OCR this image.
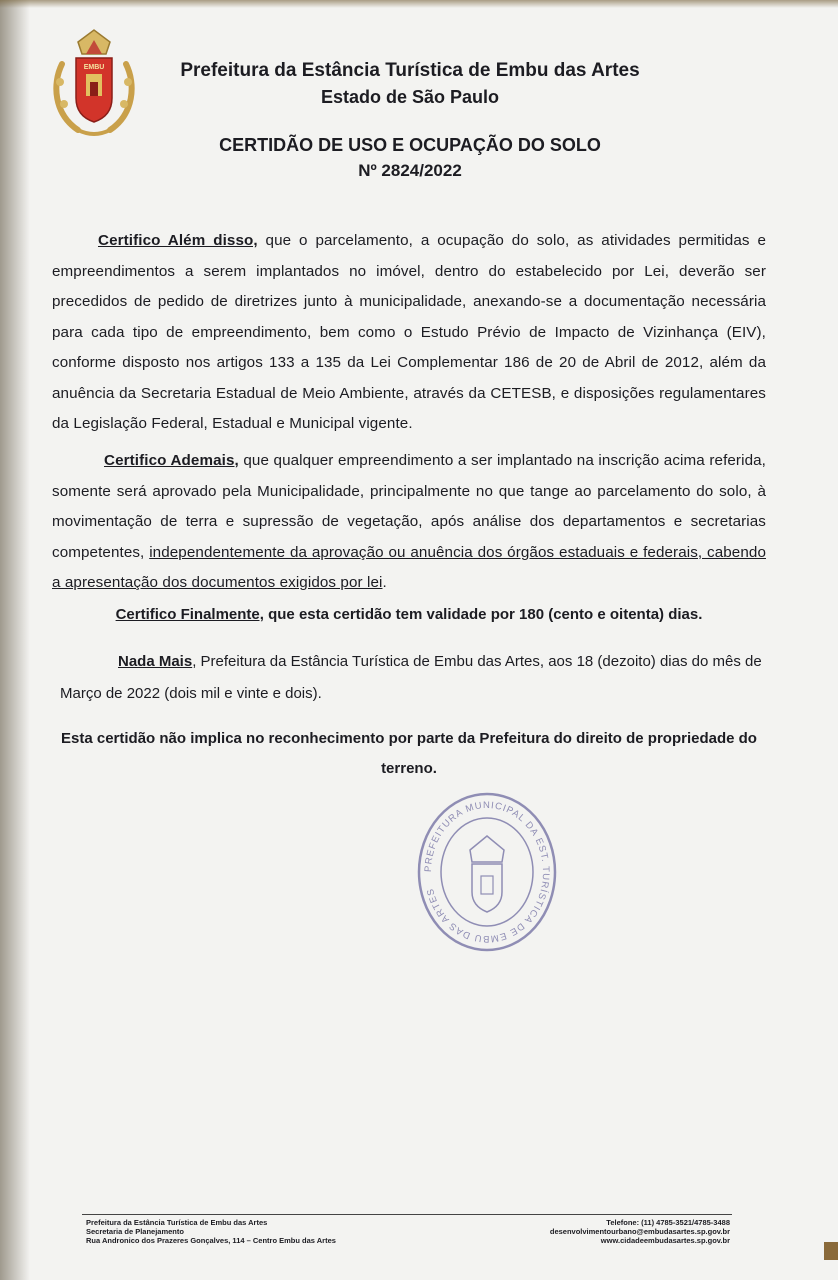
EMBU	Prefeitura da Estância Turística de Embu das Artes
Estado de São Paulo
CERTIDÃO DE USO E OCUPAÇÃO DO SOLO
Nº 2824/2022
Certifico Além disso, que o parcelamento, a ocupação do solo, as atividades permitidas e empreendimentos a serem implantados no imóvel, dentro do estabelecido por Lei, deverão ser precedidos de pedido de diretrizes junto à municipalidade, anexando-se a documentação necessária para cada tipo de empreendimento, bem como o Estudo Prévio de Impacto de Vizinhança (EIV), conforme disposto nos artigos 133 a 135 da Lei Complementar 186 de 20 de Abril de 2012, além da anuência da Secretaria Estadual de Meio Ambiente, através da CETESB, e disposições regulamentares da Legislação Federal, Estadual e Municipal vigente.
Certifico Ademais, que qualquer empreendimento a ser implantado na inscrição acima referida, somente será aprovado pela Municipalidade, principalmente no que tange ao parcelamento do solo, à movimentação de terra e supressão de vegetação, após análise dos departamentos e secretarias competentes, independentemente da aprovação ou anuência dos órgãos estaduais e federais, cabendo a apresentação dos documentos exigidos por lei.
Certifico Finalmente, que esta certidão tem validade por 180 (cento e oitenta) dias.
Nada Mais, Prefeitura da Estância Turística de Embu das Artes, aos 18 (dezoito) dias do mês de Março de 2022 (dois mil e vinte e dois).
Esta certidão não implica no reconhecimento por parte da Prefeitura do direito de propriedade do terreno.
PREFEITURA MUNICIPAL DA EST. TURÍSTICA DE EMBU DAS ARTES
Prefeitura da Estância Turística de Embu das Artes
Secretaria de Planejamento
Rua Andronico dos Prazeres Gonçalves, 114 – Centro Embu das Artes
Telefone: (11) 4785-3521/4785-3488
desenvolvimentourbano@embudasartes.sp.gov.br
www.cidadeembudasartes.sp.gov.br
